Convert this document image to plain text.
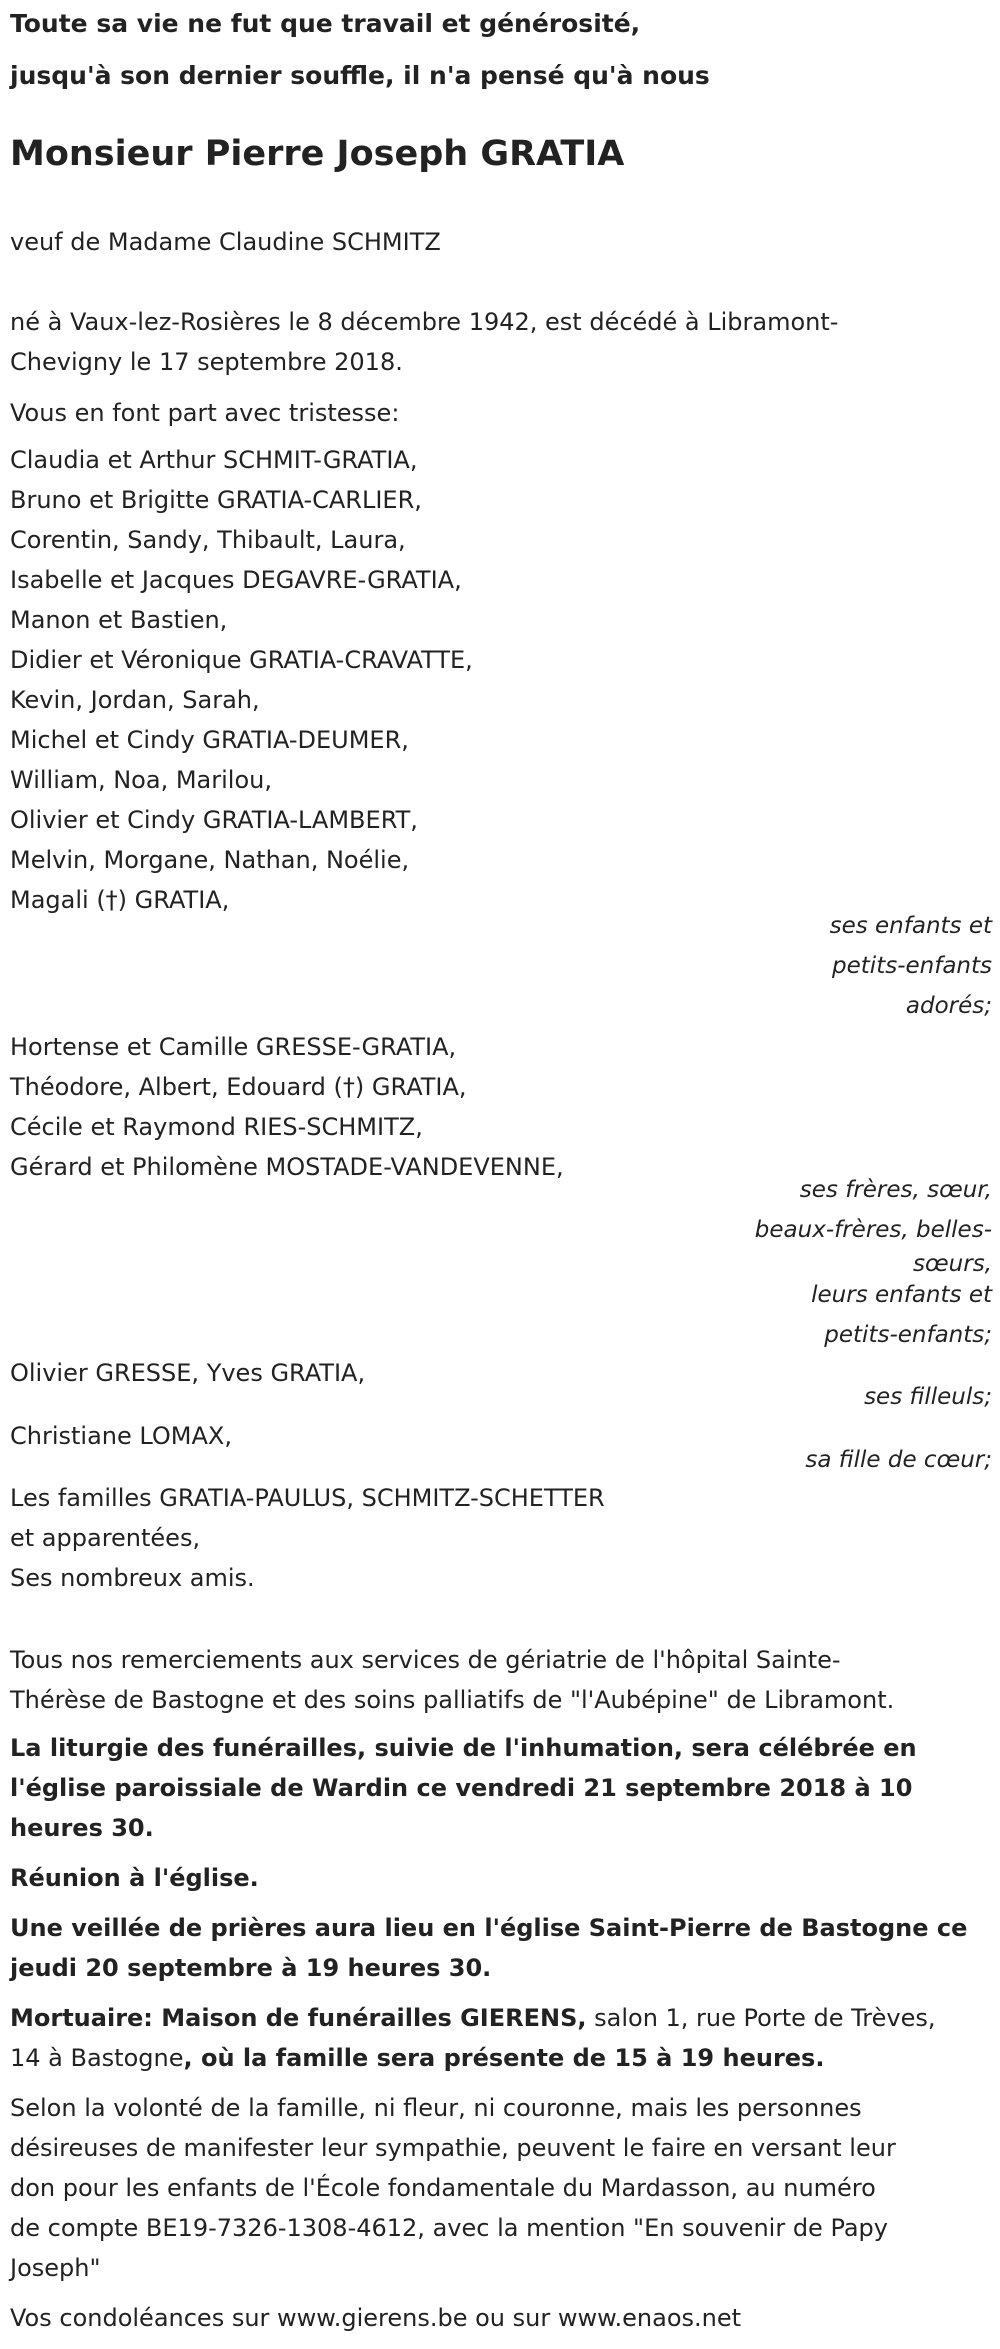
Toute sa vie ne fut que travail et générosité,
jusqu'à son dernier souffle, il n'a pensé qu'à nous
Monsieur Pierre Joseph GRATIA
veuf de Madame Claudine SCHMITZ
né à Vaux-lez-Rosières le 8 décembre 1942, est décédé à Libramont-
Chevigny le 17 septembre 2018.
Vous en font part avec tristesse:
Claudia et Arthur SCHMIT-GRATIA,
Bruno et Brigitte GRATIA-CARLIER,
Corentin, Sandy, Thibault, Laura,
Isabelle et Jacques DEGAVRE-GRATIA,
Manon et Bastien,
Didier et Véronique GRATIA-CRAVATTE,
Kevin, Jordan, Sarah,
Michel et Cindy GRATIA-DEUMER,
William, Noa, Marilou,
Olivier et Cindy GRATIA-LAMBERT,
Melvin, Morgane, Nathan, Noélie,
Magali (†) GRATIA,
ses enfants et
petits-enfants
adorés;
Hortense et Camille GRESSE-GRATIA,
Théodore, Albert, Edouard (†) GRATIA,
Cécile et Raymond RIES-SCHMITZ,
Gérard et Philomène MOSTADE-VANDEVENNE,
ses frères, sœur,
beaux-frères, belles-
sœurs,
leurs enfants et
petits-enfants;
Olivier GRESSE, Yves GRATIA,
ses filleuls;
Christiane LOMAX,
sa fille de cœur;
Les familles GRATIA-PAULUS, SCHMITZ-SCHETTER
et apparentées,
Ses nombreux amis.
Tous nos remerciements aux services de gériatrie de l'hôpital Sainte-
Thérèse de Bastogne et des soins palliatifs de "l'Aubépine" de Libramont.
La liturgie des funérailles, suivie de l'inhumation, sera célébrée en
l'église paroissiale de Wardin ce vendredi 21 septembre 2018 à 10
heures 30.
Réunion à l'église.
Une veillée de prières aura lieu en l'église Saint-Pierre de Bastogne ce
jeudi 20 septembre à 19 heures 30.
Mortuaire: Maison de funérailles GIERENS, salon 1, rue Porte de Trèves,
14 à Bastogne, où la famille sera présente de 15 à 19 heures.
Selon la volonté de la famille, ni fleur, ni couronne, mais les personnes
désireuses de manifester leur sympathie, peuvent le faire en versant leur
don pour les enfants de l'École fondamentale du Mardasson, au numéro
de compte BE19-7326-1308-4612, avec la mention "En souvenir de Papy
Joseph"
Vos condoléances sur www.gierens.be ou sur www.enaos.net
